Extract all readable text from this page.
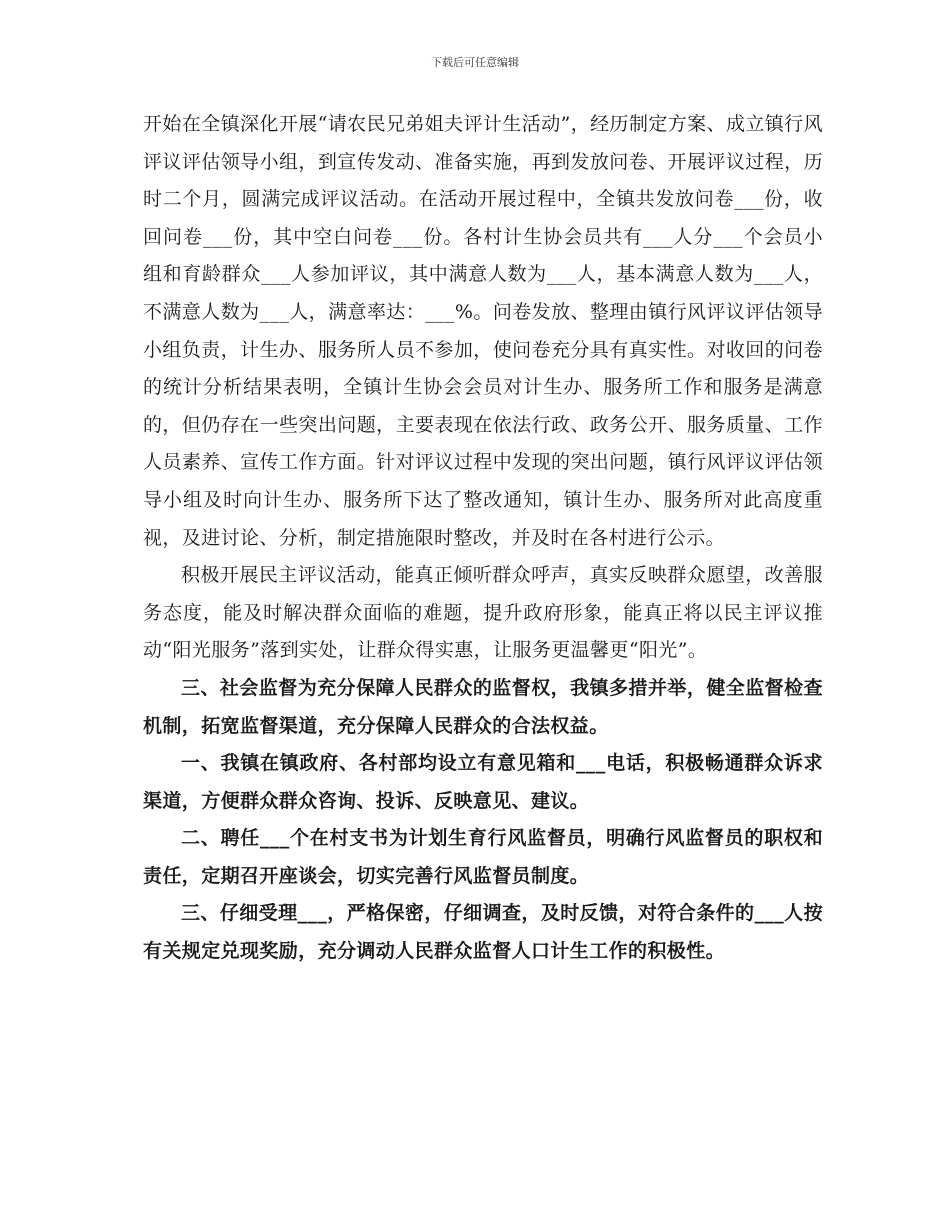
下载后可任意编辑

开始在全镇深化开展“请农民兄弟姐夫评计生活动”，经历制定方案、成立镇行风评议评估领导小组，到宣传发动、准备实施，再到发放问卷、开展评议过程，历时二个月，圆满完成评议活动。在活动开展过程中，全镇共发放问卷___份，收回问卷___份，其中空白问卷___份。各村计生协会员共有___人分___个会员小组和育龄群众___人参加评议，其中满意人数为___人，基本满意人数为___人，不满意人数为___人，满意率达：___%。问卷发放、整理由镇行风评议评估领导小组负责，计生办、服务所人员不参加，使问卷充分具有真实性。对收回的问卷的统计分析结果表明，全镇计生协会会员对计生办、服务所工作和服务是满意的，但仍存在一些突出问题，主要表现在依法行政、政务公开、服务质量、工作人员素养、宣传工作方面。针对评议过程中发现的突出问题，镇行风评议评估领导小组及时向计生办、服务所下达了整改通知，镇计生办、服务所对此高度重视，及进讨论、分析，制定措施限时整改，并及时在各村进行公示。

积极开展民主评议活动，能真正倾听群众呼声，真实反映群众愿望，改善服务态度，能及时解决群众面临的难题，提升政府形象，能真正将以民主评议推动“阳光服务”落到实处，让群众得实惠，让服务更温馨更“阳光”。

三、社会监督为充分保障人民群众的监督权，我镇多措并举，健全监督检查机制，拓宽监督渠道，充分保障人民群众的合法权益。

一、我镇在镇政府、各村部均设立有意见箱和___电话，积极畅通群众诉求渠道，方便群众群众咨询、投诉、反映意见、建议。

二、聘任___个在村支书为计划生育行风监督员，明确行风监督员的职权和责任，定期召开座谈会，切实完善行风监督员制度。

三、仔细受理___，严格保密，仔细调查，及时反馈，对符合条件的___人按有关规定兑现奖励，充分调动人民群众监督人口计生工作的积极性。
